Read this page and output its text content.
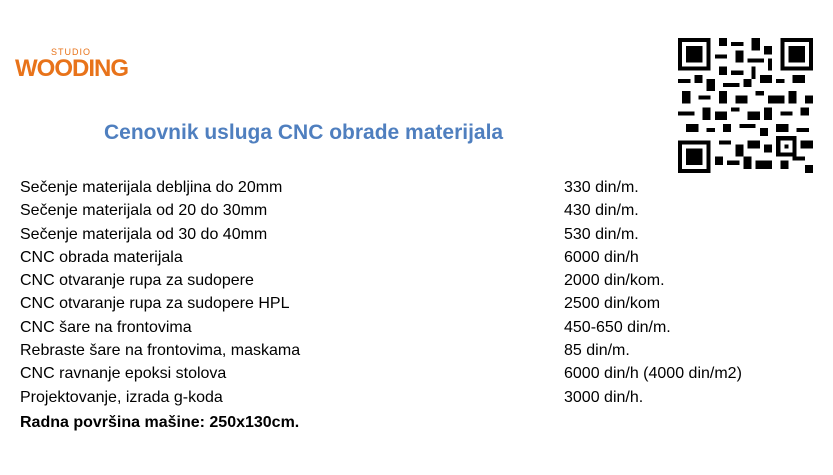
STUDIO
WOODING
Cenovnik usluga CNC obrade materijala
Sečenje materijala debljina do 20mm	330 din/m.
Sečenje materijala od 20 do 30mm	430 din/m.
Sečenje materijala od 30 do 40mm	530 din/m.
CNC obrada materijala	6000 din/h
CNC otvaranje rupa za sudopere	2000 din/kom.
CNC otvaranje rupa za sudopere HPL	2500 din/kom
CNC šare na frontovima	450-650 din/m.
Rebraste šare na frontovima, maskama	85 din/m.
CNC ravnanje epoksi stolova	6000 din/h (4000 din/m2)
Projektovanje, izrada g-koda	3000 din/h.
Radna površina mašine: 250x130cm.
